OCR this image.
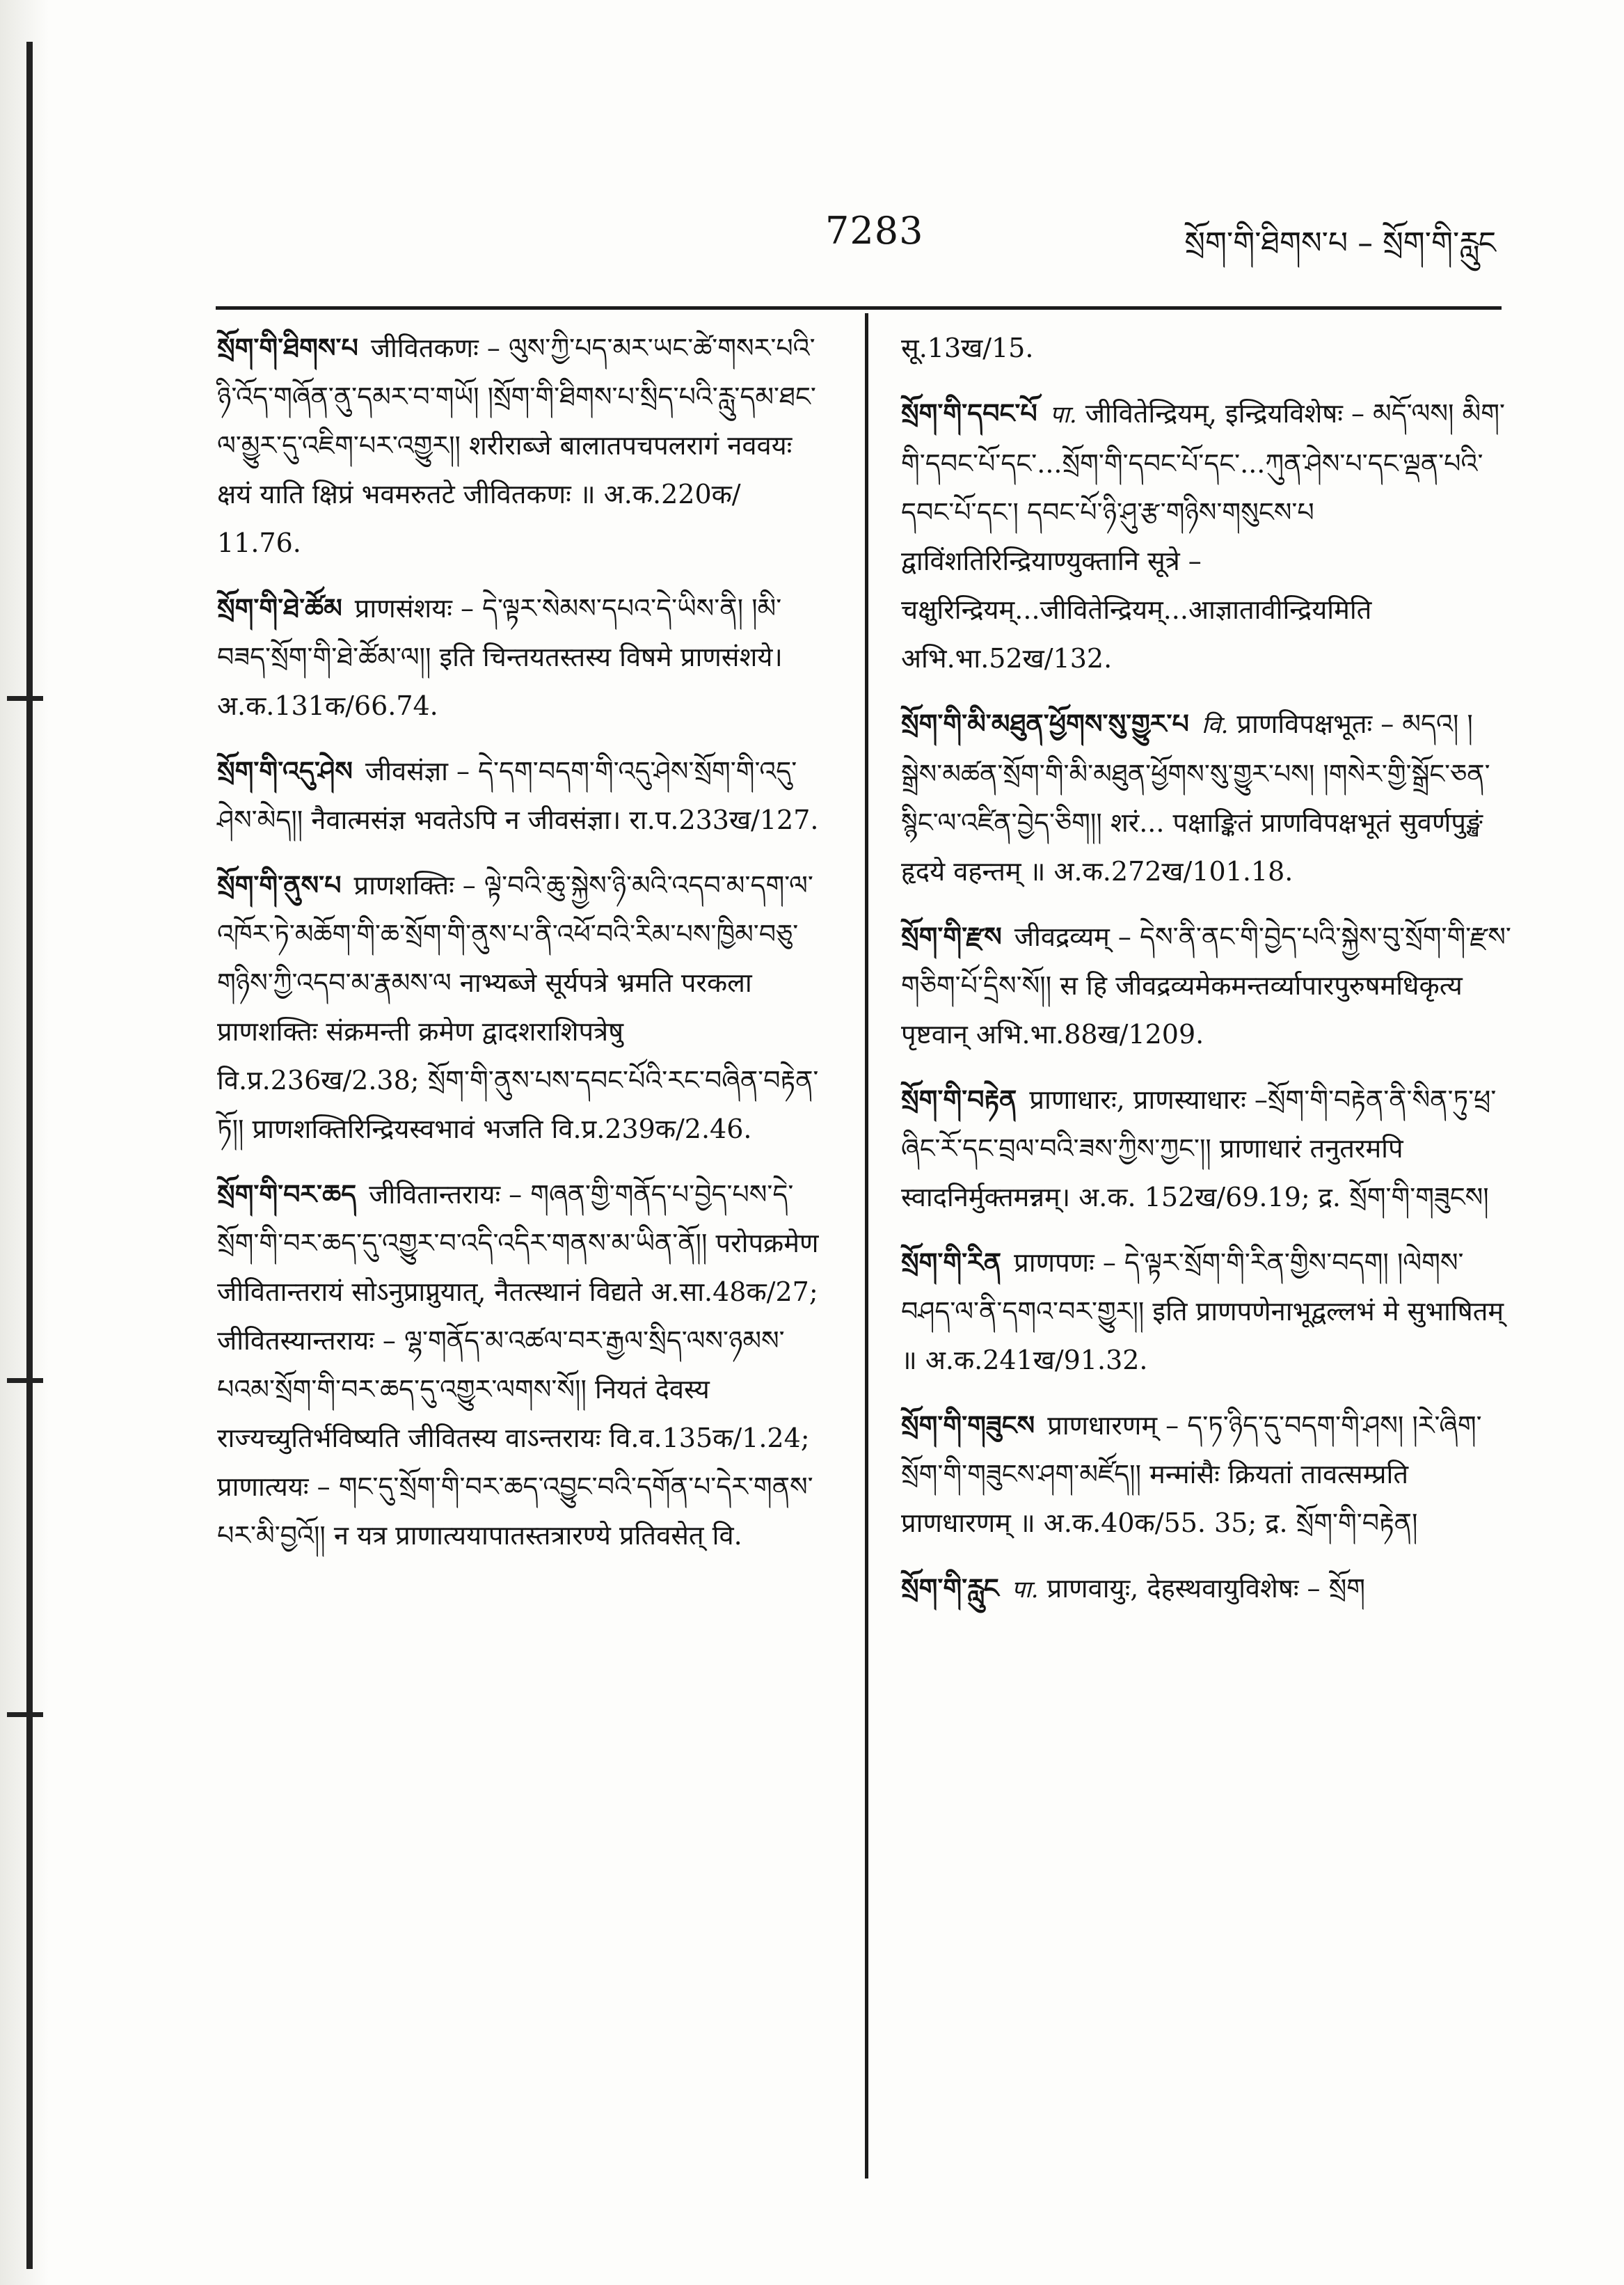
7283	སྲོག་གི་ཐིགས་པ – སྲོག་གི་རླུང

སྲོག་གི་ཐིགས་པ जीवितकणः – ལུས་ཀྱི་པད་མར་ཡང་ཚེ་གསར་པའི་ཉི་འོད་གཞོན་ནུ་དམར་བ་གཡོ། །སྲོག་གི་ཐིགས་པ་སྲིད་པའི་རླུ་དམ་ཐང་ལ་མྱུར་དུ་འཇིག་པར་འགྱུར།། शरीराब्जे बालातपचपलरागं नववयः क्षयं याति क्षिप्रं भवमरुतटे जीवितकणः ॥ अ.क.220क/ 11.76.

སྲོག་གི་ཐེ་ཚོམ प्राणसंशयः – དེ་ལྟར་སེམས་དཔའ་དེ་ཡིས་ནི། །མི་བཟད་སྲོག་གི་ཐེ་ཚོམ་ལ།། इति चिन्तयतस्तस्य विषमे प्राणसंशये। अ.क.131क/66.74.

སྲོག་གི་འདུ་ཤེས जीवसंज्ञा – དེ་དག་བདག་གི་འདུ་ཤེས་སྲོག་གི་འདུ་ཤེས་མེད།། नैवात्मसंज्ञ भवतेऽपि न जीवसंज्ञा। रा.प.233ख/127.

སྲོག་གི་ནུས་པ प्राणशक्तिः – ལྟེ་བའི་ཆུ་སྐྱེས་ཉི་མའི་འདབ་མ་དག་ལ་འཁོར་ཏེ་མཆོག་གི་ཆ་སྲོག་གི་ནུས་པ་ནི་འཕོ་བའི་རིམ་པས་ཁྱིམ་བཅུ་གཉིས་ཀྱི་འདབ་མ་རྣམས་ལ नाभ्यब्जे सूर्यपत्रे भ्रमति परकला प्राणशक्तिः संक्रमन्ती क्रमेण द्वादशराशिपत्रेषु वि.प्र.236ख/2.38; སྲོག་གི་ནུས་པས་དབང་པོའི་རང་བཞིན་བརྟེན་ཏོ།། प्राणशक्तिरिन्द्रियस्वभावं भजति वि.प्र.239क/2.46.

སྲོག་གི་བར་ཆད जीवितान्तरायः – གཞན་གྱི་གནོད་པ་བྱེད་པས་དེ་སྲོག་གི་བར་ཆད་དུ་འགྱུར་བ་འདི་འདིར་གནས་མ་ཡིན་ནོ།། परोपक्रमेण जीवितान्तरायं सोऽनुप्राप्नुयात्, नैतत्स्थानं विद्यते अ.सा.48क/27; जीवितस्यान्तरायः – ལྷ་གནོད་མ་འཚལ་བར་རྒྱལ་སྲིད་ལས་ཉམས་པའམ་སྲོག་གི་བར་ཆད་དུ་འགྱུར་ལགས་སོ།། नियतं देवस्य राज्यच्युतिर्भविष्यति जीवितस्य वाऽन्तरायः वि.व.135क/1.24; प्राणात्ययः – གང་དུ་སྲོག་གི་བར་ཆད་འབྱུང་བའི་དགོན་པ་དེར་གནས་པར་མི་བྱའོ།། न यत्र प्राणात्ययापातस्तत्रारण्ये प्रतिवसेत् वि.

सू.13ख/15.

སྲོག་གི་དབང་པོ पा. जीवितेन्द्रियम्, इन्द्रियविशेषः – མདོ་ལས། མིག་གི་དབང་པོ་དང་...སྲོག་གི་དབང་པོ་དང་...ཀུན་ཤེས་པ་དང་ལྡན་པའི་དབང་པོ་དང་། དབང་པོ་ཉི་ཤུ་རྩ་གཉིས་གསུངས་པ द्वाविंशतिरिन्द्रियाण्युक्तानि सूत्रे –चक्षुरिन्द्रियम्...जीवितेन्द्रियम्...आज्ञातावीन्द्रियमिति अभि.भा.52ख/132.

སྲོག་གི་མི་མཐུན་ཕྱོགས་སུ་གྱུར་པ वि. प्राणविपक्षभूतः – མདའ། །སྒྲེས་མཚན་སྲོག་གི་མི་མཐུན་ཕྱོགས་སུ་གྱུར་པས། །གསེར་གྱི་སྒྲོང་ཅན་སྙིང་ལ་འཛིན་བྱེད་ཅིག།། शरं... पक्षाङ्कितं प्राणविपक्षभूतं सुवर्णपुङ्खं हृदये वहन्तम् ॥ अ.क.272ख/101.18.

སྲོག་གི་རྫས जीवद्रव्यम् – དེས་ནི་ནང་གི་བྱེད་པའི་སྐྱེས་བུ་སྲོག་གི་རྫས་གཅིག་པོ་དྲིས་སོ།། स हि जीवद्रव्यमेकमन्तर्व्यापारपुरुषमधिकृत्य पृष्टवान् अभि.भा.88ख/1209.

སྲོག་གི་བརྟེན प्राणाधारः, प्राणस्याधारः –སྲོག་གི་བརྟེན་ནི་སིན་ཏུ་ཕྲ་ཞིང་རོ་དང་བྲལ་བའི་ཟས་ཀྱིས་ཀྱང་།། प्राणाधारं तनुतरमपि स्वादनिर्मुक्तमन्नम्। अ.क. 152ख/69.19; द्र. སྲོག་གི་གཟུངས།

སྲོག་གི་རིན प्राणपणः – དེ་ལྟར་སྲོག་གི་རིན་གྱིས་བདག། །ལེགས་བཤད་ལ་ནི་དགའ་བར་གྱུར།། इति प्राणपणेनाभूद्वल्लभं मे सुभाषितम् ॥ अ.क.241ख/91.32.

སྲོག་གི་གཟུངས प्राणधारणम् – ད་ཏ་ཉིད་དུ་བདག་གི་ཤས། །རེ་ཞིག་སྲོག་གི་གཟུངས་ཤག་མཛོད།། मन्मांसैः क्रियतां तावत्सम्प्रति प्राणधारणम् ॥ अ.क.40क/55. 35; द्र. སྲོག་གི་བརྟེན།

སྲོག་གི་རླུང पा. प्राणवायुः, देहस्थवायुविशेषः – སྲོག
